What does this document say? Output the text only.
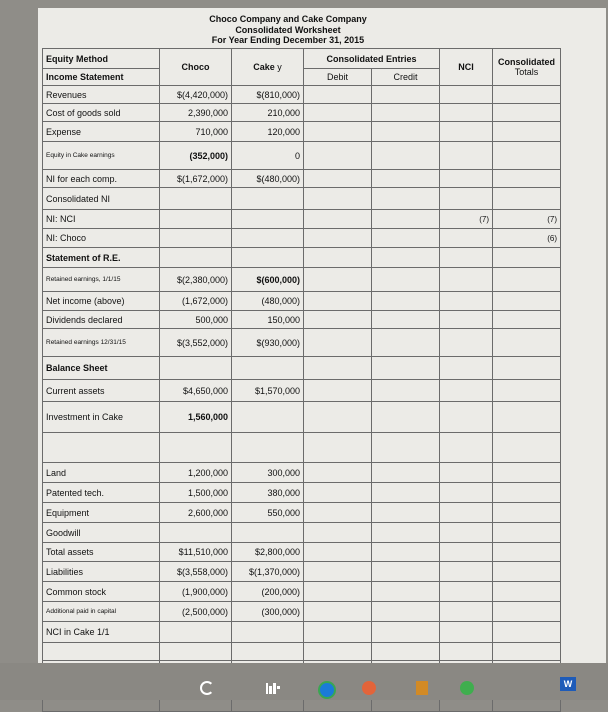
Choco Company and Cake Company
Consolidated Worksheet
For Year Ending December 31, 2015
Equity Method	Choco	Cake y	Consolidated Entries		NCI	Consolidated
Totals

Income Statement			Debit	Credit		
Revenues	$(4,420,000)	$(810,000)				
Cost of goods sold	2,390,000	210,000				
Expense	710,000	120,000				
Equity in Cake earnings	(352,000)	0				
NI for each comp.	$(1,672,000)	$(480,000)				
Consolidated NI						
NI: NCI					(7)	(7)
NI: Choco						(6)
Statement of R.E.						
Retained earnings, 1/1/15	$(2,380,000)	$(600,000)				
Net income (above)	(1,672,000)	(480,000)				
Dividends declared	500,000	150,000				
Retained earnings 12/31/15	$(3,552,000)	$(930,000)				
Balance Sheet						
Current assets	$4,650,000	$1,570,000				
Investment in Cake	1,560,000					

Land	1,200,000	300,000				
Patented tech.	1,500,000	380,000				
Equipment	2,600,000	550,000				
Goodwill						
Total assets	$11,510,000	$2,800,000				
Liabilities	$(3,558,000)	$(1,370,000)				
Common stock	(1,900,000)	(200,000)				
Additional paid in capital	(2,500,000)	(300,000)				
NCI in Cake 1/1						

W
